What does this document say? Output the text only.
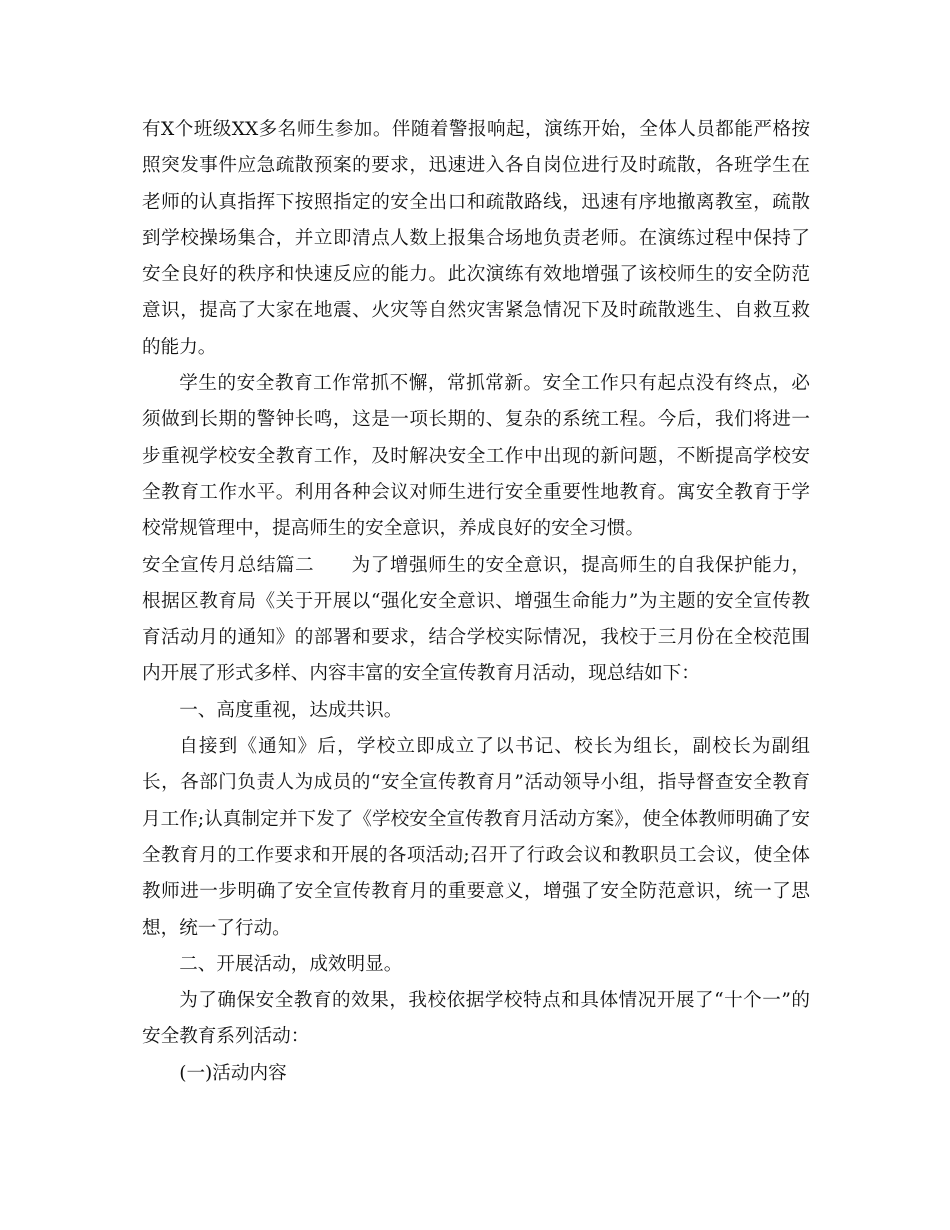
有X个班级XX多名师生参加。伴随着警报响起，演练开始，全体人员都能严格按照突发事件应急疏散预案的要求，迅速进入各自岗位进行及时疏散，各班学生在老师的认真指挥下按照指定的安全出口和疏散路线，迅速有序地撤离教室，疏散到学校操场集合，并立即清点人数上报集合场地负责老师。在演练过程中保持了安全良好的秩序和快速反应的能力。此次演练有效地增强了该校师生的安全防范意识，提高了大家在地震、火灾等自然灾害紧急情况下及时疏散逃生、自救互救的能力。

学生的安全教育工作常抓不懈，常抓常新。安全工作只有起点没有终点，必须做到长期的警钟长鸣，这是一项长期的、复杂的系统工程。今后，我们将进一步重视学校安全教育工作，及时解决安全工作中出现的新问题，不断提高学校安全教育工作水平。利用各种会议对师生进行安全重要性地教育。寓安全教育于学校常规管理中，提高师生的安全意识，养成良好的安全习惯。

安全宣传月总结篇二 为了增强师生的安全意识，提高师生的自我保护能力，根据区教育局《关于开展以“强化安全意识、增强生命能力”为主题的安全宣传教育活动月的通知》的部署和要求，结合学校实际情况，我校于三月份在全校范围内开展了形式多样、内容丰富的安全宣传教育月活动，现总结如下：

一、高度重视，达成共识。

自接到《通知》后，学校立即成立了以书记、校长为组长，副校长为副组长，各部门负责人为成员的“安全宣传教育月”活动领导小组，指导督查安全教育月工作;认真制定并下发了《学校安全宣传教育月活动方案》，使全体教师明确了安全教育月的工作要求和开展的各项活动;召开了行政会议和教职员工会议，使全体教师进一步明确了安全宣传教育月的重要意义，增强了安全防范意识，统一了思想，统一了行动。

二、开展活动，成效明显。

为了确保安全教育的效果，我校依据学校特点和具体情况开展了“十个一”的安全教育系列活动：

(一)活动内容
